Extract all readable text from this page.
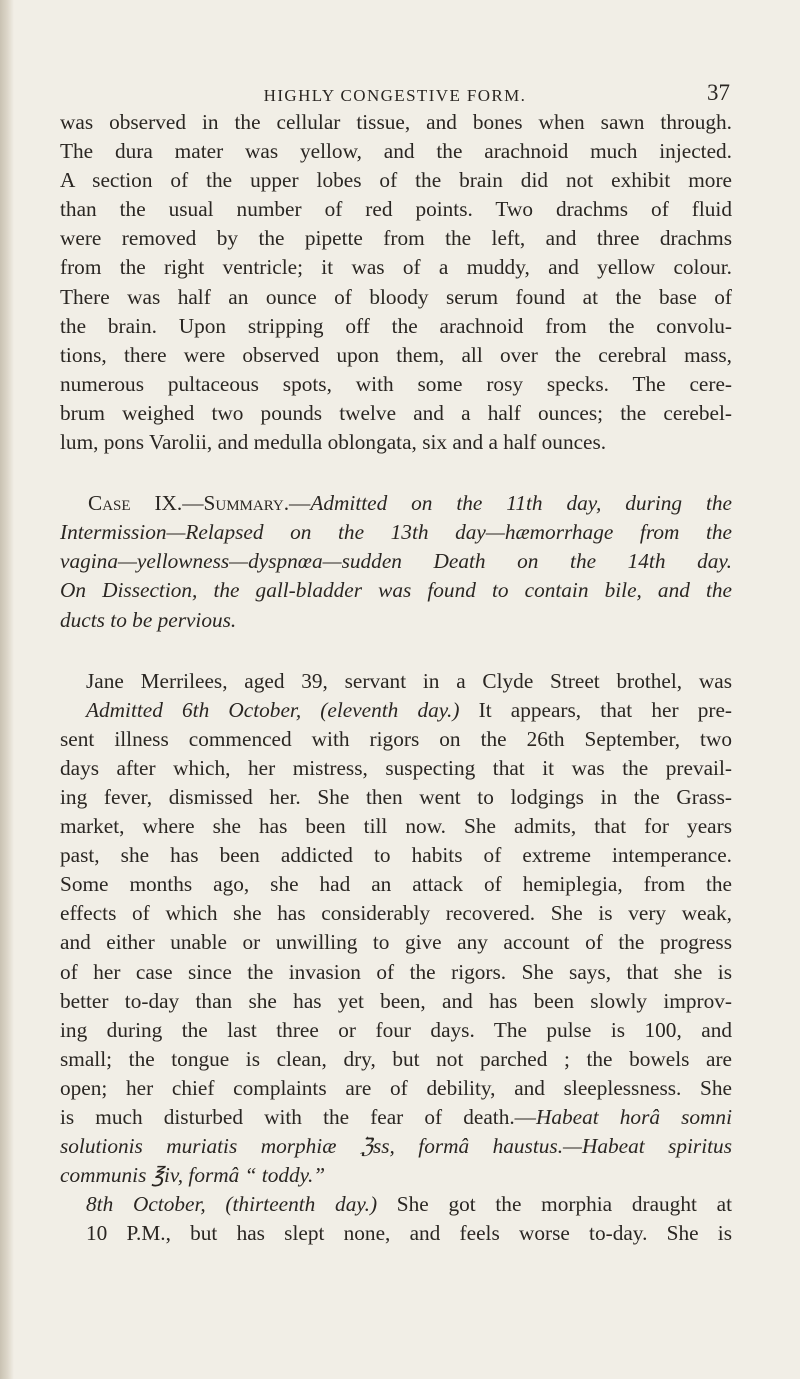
HIGHLY CONGESTIVE FORM.	37

was observed in the cellular tissue, and bones when sawn through.

The dura mater was yellow, and the arachnoid much injected.

A section of the upper lobes of the brain did not exhibit more

than the usual number of red points. Two drachms of fluid

were removed by the pipette from the left, and three drachms

from the right ventricle; it was of a muddy, and yellow colour.

There was half an ounce of bloody serum found at the base of

the brain. Upon stripping off the arachnoid from the convolu-

tions, there were observed upon them, all over the cerebral mass,

numerous pultaceous spots, with some rosy specks. The cere-

brum weighed two pounds twelve and a half ounces; the cerebel-

lum, pons Varolii, and medulla oblongata, six and a half ounces.

Case IX.—Summary.—Admitted on the 11th day, during the

Intermission—Relapsed on the 13th day—hæmorrhage from the

vagina—yellowness—dyspnœa—sudden Death on the 14th day.

On Dissection, the gall-bladder was found to contain bile, and the

ducts to be pervious.

Jane Merrilees, aged 39, servant in a Clyde Street brothel, was

Admitted 6th October, (eleventh day.) It appears, that her pre-

sent illness commenced with rigors on the 26th September, two

days after which, her mistress, suspecting that it was the prevail-

ing fever, dismissed her. She then went to lodgings in the Grass-

market, where she has been till now. She admits, that for years

past, she has been addicted to habits of extreme intemperance.

Some months ago, she had an attack of hemiplegia, from the

effects of which she has considerably recovered. She is very weak,

and either unable or unwilling to give any account of the progress

of her case since the invasion of the rigors. She says, that she is

better to-day than she has yet been, and has been slowly improv-

ing during the last three or four days. The pulse is 100, and

small; the tongue is clean, dry, but not parched ; the bowels are

open; her chief complaints are of debility, and sleeplessness. She

is much disturbed with the fear of death.—Habeat horâ somni

solutionis muriatis morphiæ ℨss, formâ haustus.—Habeat spiritus

communis ℥iv, formâ “ toddy.”

8th October, (thirteenth day.) She got the morphia draught at

10 P.M., but has slept none, and feels worse to-day. She is
